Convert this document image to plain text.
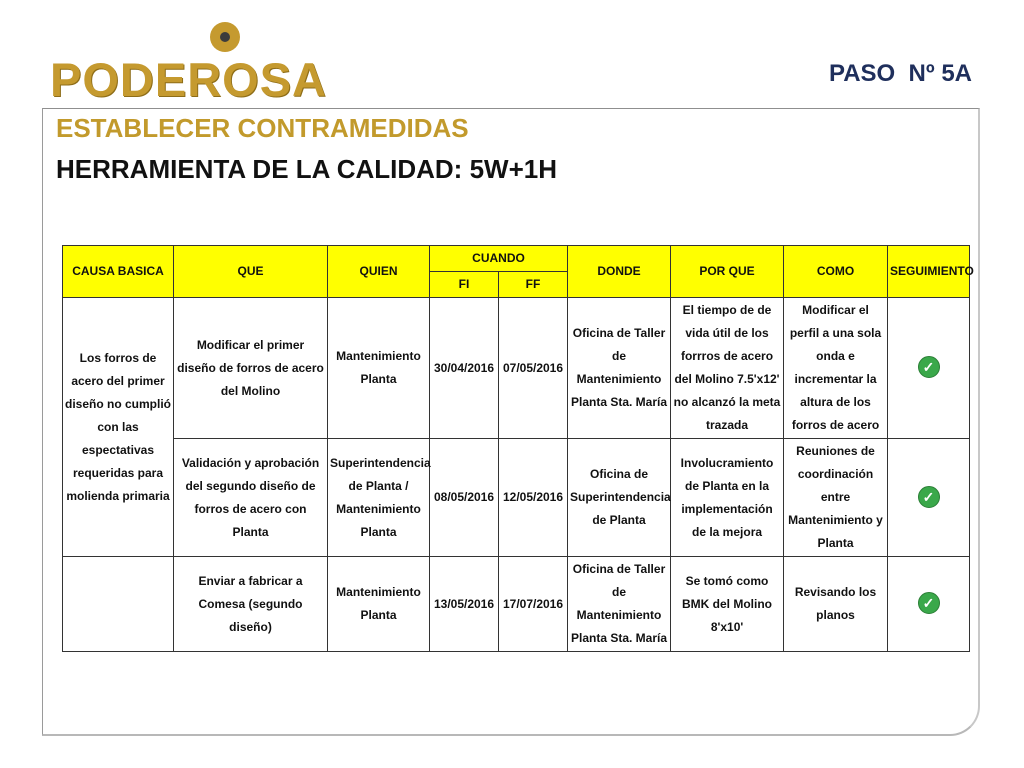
PODEROSA	PASO  Nº 5A
ESTABLECER CONTRAMEDIDAS
HERRAMIENTA DE LA CALIDAD: 5W+1H
CAUSA BASICA	QUE	QUIEN	CUANDO		DONDE	POR QUE	COMO	SEGUIMIENTO
			FI	FF				
Los forros de acero del primer diseño no cumplió con las espectativas requeridas para molienda primaria	Modificar el primer diseño de forros de acero del Molino	Mantenimiento Planta	30/04/2016	07/05/2016	Oficina de Taller de Mantenimiento Planta Sta. María	El tiempo de de vida útil de los forrros de acero del Molino 7.5'x12' no alcanzó la meta trazada	Modificar el perfil a una sola onda e incrementar la altura de los forros de acero	✓
	Validación y aprobación del segundo diseño de forros de acero con Planta	Superintendencia de Planta / Mantenimiento Planta	08/05/2016	12/05/2016	Oficina de Superintendencia de Planta	Involucramiento de Planta en la implementación de la mejora	Reuniones de coordinación entre Mantenimiento y Planta	✓
	Enviar a fabricar a Comesa (segundo diseño)	Mantenimiento Planta	13/05/2016	17/07/2016	Oficina de Taller de Mantenimiento Planta Sta. María	Se tomó como BMK del Molino 8'x10'	Revisando los planos	✓
